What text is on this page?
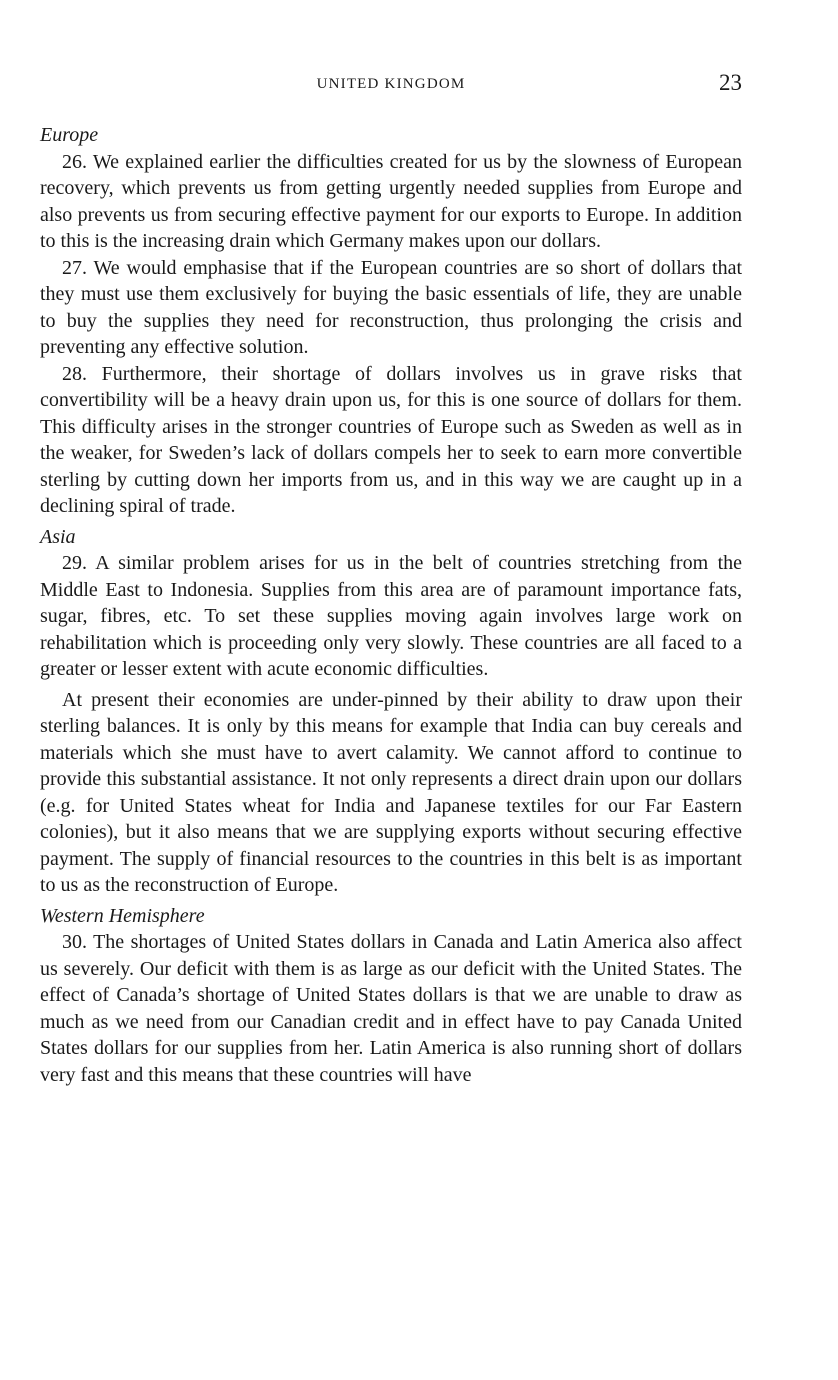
UNITED KINGDOM	23
Europe

26. We explained earlier the difficulties created for us by the slowness of European recovery, which prevents us from getting urgently needed supplies from Europe and also prevents us from securing effective payment for our exports to Europe. In addition to this is the increasing drain which Germany makes upon our dollars.

27. We would emphasise that if the European countries are so short of dollars that they must use them exclusively for buying the basic essentials of life, they are unable to buy the supplies they need for reconstruction, thus prolonging the crisis and preventing any effective solution.

28. Furthermore, their shortage of dollars involves us in grave risks that convertibility will be a heavy drain upon us, for this is one source of dollars for them. This difficulty arises in the stronger countries of Europe such as Sweden as well as in the weaker, for Sweden’s lack of dollars compels her to seek to earn more convertible sterling by cutting down her imports from us, and in this way we are caught up in a declining spiral of trade.

Asia

29. A similar problem arises for us in the belt of countries stretching from the Middle East to Indonesia. Supplies from this area are of paramount importance fats, sugar, fibres, etc. To set these supplies moving again involves large work on rehabilitation which is proceeding only very slowly. These countries are all faced to a greater or lesser extent with acute economic difficulties.

At present their economies are under-pinned by their ability to draw upon their sterling balances. It is only by this means for example that India can buy cereals and materials which she must have to avert calamity. We cannot afford to continue to provide this substantial assistance. It not only represents a direct drain upon our dollars (e.g. for United States wheat for India and Japanese textiles for our Far Eastern colonies), but it also means that we are supplying exports without securing effective payment. The supply of financial resources to the countries in this belt is as important to us as the reconstruction of Europe.

Western Hemisphere

30. The shortages of United States dollars in Canada and Latin America also affect us severely. Our deficit with them is as large as our deficit with the United States. The effect of Canada’s shortage of United States dollars is that we are unable to draw as much as we need from our Canadian credit and in effect have to pay Canada United States dollars for our supplies from her. Latin America is also running short of dollars very fast and this means that these countries will have
